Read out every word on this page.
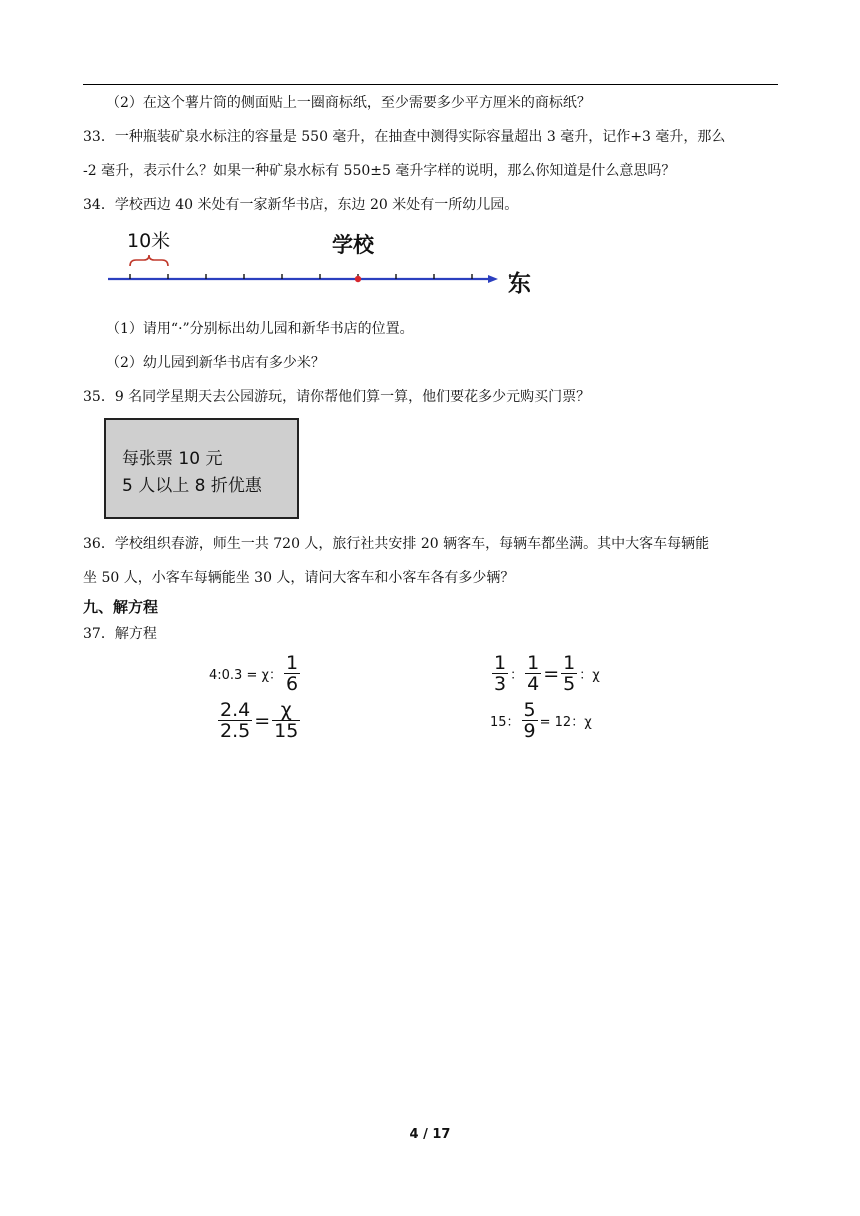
（2）在这个薯片筒的侧面贴上一圈商标纸，至少需要多少平方厘米的商标纸？
33．一种瓶装矿泉水标注的容量是 550 毫升，在抽查中测得实际容量超出 3 毫升，记作+3 毫升，那么
-2 毫升，表示什么？如果一种矿泉水标有 550±5 毫升字样的说明，那么你知道是什么意思吗？
34．学校西边 40 米处有一家新华书店，东边 20 米处有一所幼儿园。
10米	学校
东
（1）请用“·”分别标出幼儿园和新华书店的位置。
（2）幼儿园到新华书店有多少米？
35．9 名同学星期天去公园游玩，请你帮他们算一算，他们要花多少元购买门票？
每张票 10 元
5 人以上 8 折优惠
36．学校组织春游，师生一共 720 人，旅行社共安排 20 辆客车，每辆车都坐满。其中大客车每辆能
坐 50 人，小客车每辆能坐 30 人，请问大客车和小客车各有多少辆？
九、解方程
37．解方程
4:0.3 = χ： $\frac{1}{6}$	$\frac{1}{3}$ ： $\frac{1}{4} = \frac{1}{5}$ ：χ
$\frac{2.4}{2.5} = \frac{\chi}{15}$	15： $\frac{5}{9} = 12$：χ
4 / 17
